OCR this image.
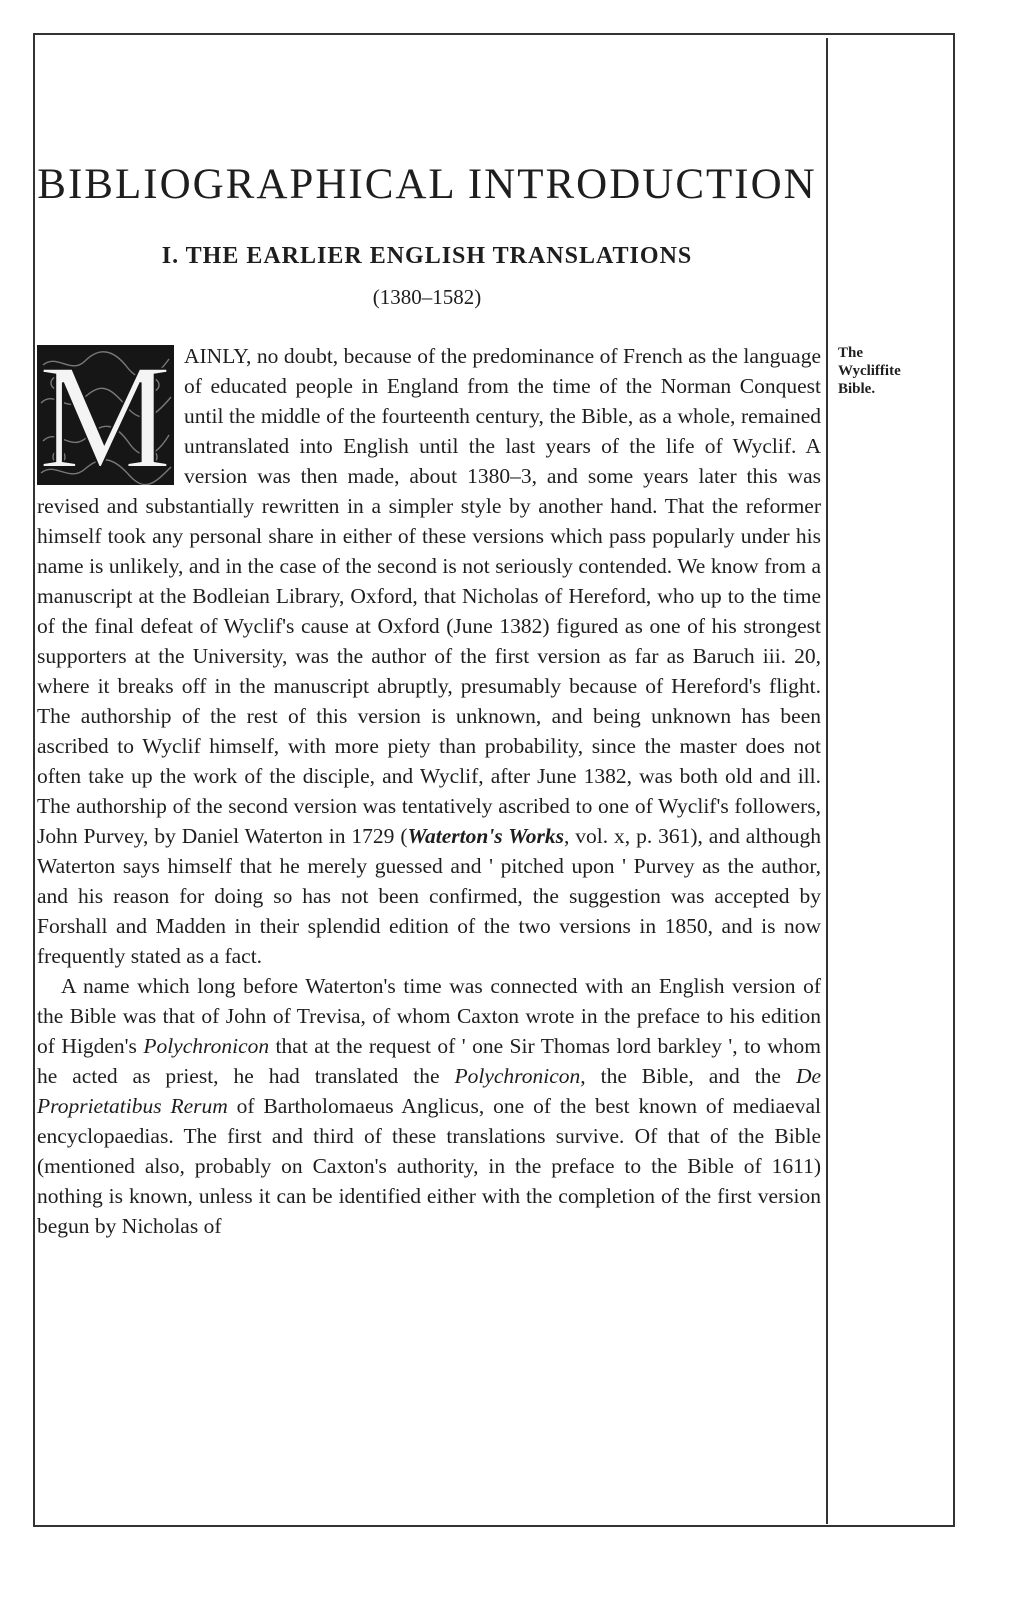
BIBLIOGRAPHICAL INTRODUCTION
I. THE EARLIER ENGLISH TRANSLATIONS
(1380–1582)

M AINLY, no doubt, because of the predominance of French as the language of educated people in England from the time of the Norman Conquest until the middle of the fourteenth century, the Bible, as a whole, remained untranslated into English until the last years of the life of Wyclif. A version was then made, about 1380–3, and some years later this was revised and substantially rewritten in a simpler style by another hand. That the reformer himself took any personal share in either of these versions which pass popularly under his name is unlikely, and in the case of the second is not seriously contended. We know from a manuscript at the Bodleian Library, Oxford, that Nicholas of Hereford, who up to the time of the final defeat of Wyclif's cause at Oxford (June 1382) figured as one of his strongest supporters at the University, was the author of the first version as far as Baruch iii. 20, where it breaks off in the manuscript abruptly, presumably because of Hereford's flight. The authorship of the rest of this version is unknown, and being unknown has been ascribed to Wyclif himself, with more piety than probability, since the master does not often take up the work of the disciple, and Wyclif, after June 1382, was both old and ill. The authorship of the second version was tentatively ascribed to one of Wyclif's followers, John Purvey, by Daniel Waterton in 1729 (Waterton's Works, vol. x, p. 361), and although Waterton says himself that he merely guessed and ' pitched upon ' Purvey as the author, and his reason for doing so has not been confirmed, the suggestion was accepted by Forshall and Madden in their splendid edition of the two versions in 1850, and is now frequently stated as a fact.

A name which long before Waterton's time was connected with an English version of the Bible was that of John of Trevisa, of whom Caxton wrote in the preface to his edition of Higden's Polychronicon that at the request of ' one Sir Thomas lord barkley ', to whom he acted as priest, he had translated the Polychronicon, the Bible, and the De Proprietatibus Rerum of Bartholomaeus Anglicus, one of the best known of mediaeval encyclopaedias. The first and third of these translations survive. Of that of the Bible (mentioned also, probably on Caxton's authority, in the preface to the Bible of 1611) nothing is known, unless it can be identified either with the completion of the first version begun by Nicholas of

The
Wycliffite
Bible.
